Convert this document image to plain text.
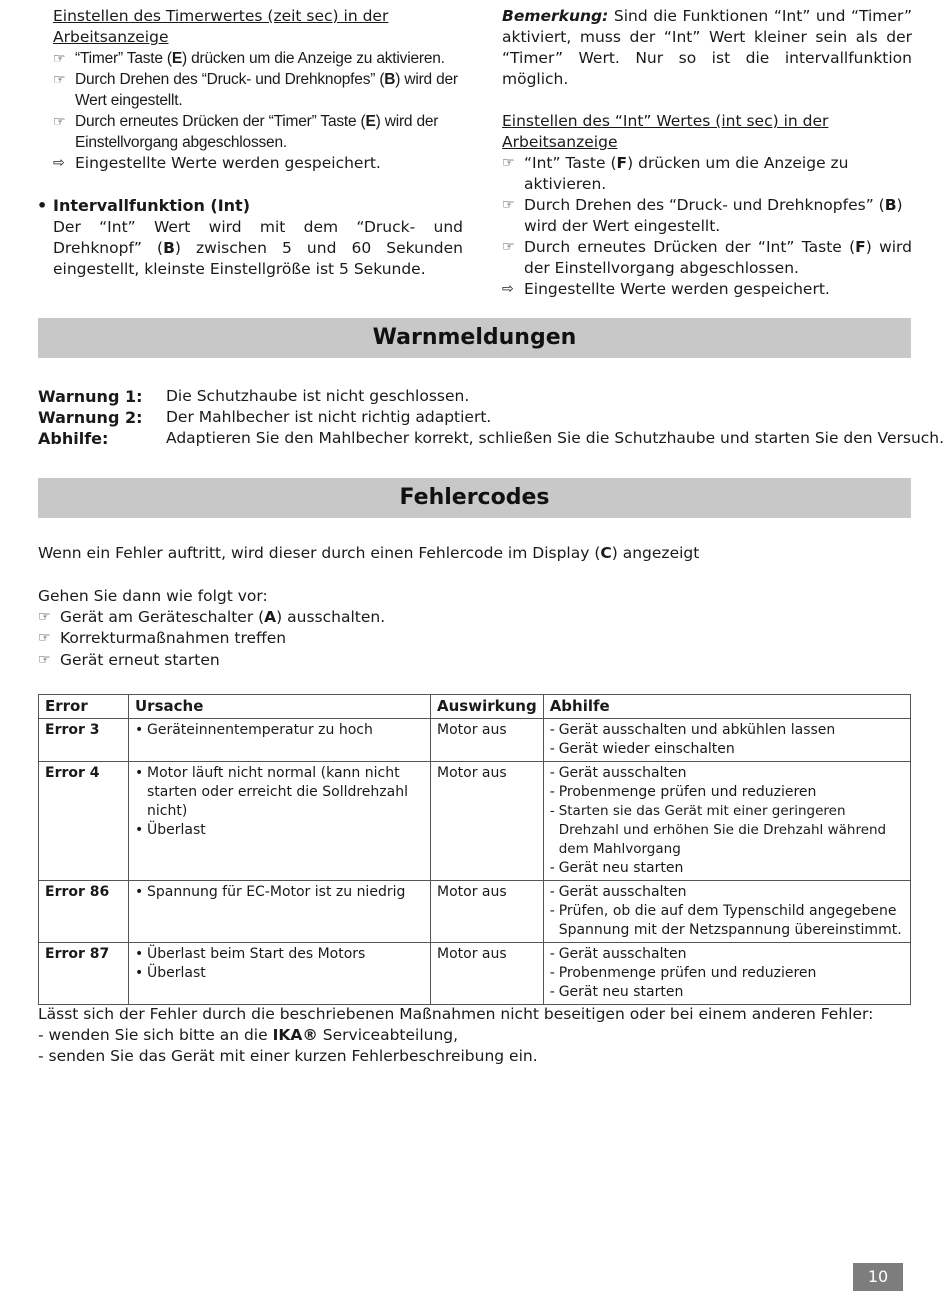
Einstellen des Timerwertes (zeit sec) in der Arbeitsanzeige
☞ “Timer” Taste (E) drücken um die Anzeige zu aktivieren.
☞ Durch Drehen des “Druck- und Drehknopfes” (B) wird der Wert eingestellt.
☞ Durch erneutes Drücken der “Timer” Taste (E) wird der Einstellvorgang abgeschlossen.
⇨ Eingestellte Werte werden gespeichert.
• Intervallfunktion (Int)
Der “Int” Wert wird mit dem “Druck- und Drehknopf” (B) zwischen 5 und 60 Sekunden eingestellt, kleinste Einstellgröße ist 5 Sekunde.
Bemerkung: Sind die Funktionen “Int” und “Timer” aktiviert, muss der “Int” Wert kleiner sein als der “Timer” Wert. Nur so ist die intervallfunktion möglich.
Einstellen des “Int” Wertes (int sec) in der Arbeitsanzeige
☞ “Int” Taste (F) drücken um die Anzeige zu aktivieren.
☞ Durch Drehen des “Druck- und Drehknopfes” (B) wird der Wert eingestellt.
☞ Durch erneutes Drücken der “Int” Taste (F) wird der Einstellvorgang abgeschlossen.
⇨ Eingestellte Werte werden gespeichert.
Warnmeldungen
Warnung 1:	Die Schutzhaube ist nicht geschlossen.
Warnung 2:	Der Mahlbecher ist nicht richtig adaptiert.
Abhilfe:	Adaptieren Sie den Mahlbecher korrekt, schließen Sie die Schutzhaube und starten Sie den Versuch.
Fehlercodes
Wenn ein Fehler auftritt, wird dieser durch einen Fehlercode im Display (C) angezeigt
Gehen Sie dann wie folgt vor:
☞ Gerät am Geräteschalter (A) ausschalten.
☞ Korrekturmaßnahmen treffen
☞ Gerät erneut starten
Error	Ursache	Auswirkung	Abhilfe
Error 3	• Geräteinnentemperatur zu hoch	Motor aus	- Gerät ausschalten und abkühlen lassen
- Gerät wieder einschalten

Error 4	• Motor läuft nicht normal (kann nicht starten oder erreicht die Solldrehzahl nicht)
• Überlast	Motor aus	- Gerät ausschalten
- Probenmenge prüfen und reduzieren
- Starten sie das Gerät mit einer geringeren Drehzahl und erhöhen Sie die Drehzahl während dem Mahlvorgang
- Gerät neu starten

Error 86	• Spannung für EC-Motor ist zu niedrig	Motor aus	- Gerät ausschalten
- Prüfen, ob die auf dem Typenschild angegebene Spannung mit der Netzspannung übereinstimmt.

Error 87	• Überlast beim Start des Motors
• Überlast	Motor aus	- Gerät ausschalten
- Probenmenge prüfen und reduzieren
- Gerät neu starten
Lässt sich der Fehler durch die beschriebenen Maßnahmen nicht beseitigen oder bei einem anderen Fehler:
- wenden Sie sich bitte an die IKA® Serviceabteilung,
- senden Sie das Gerät mit einer kurzen Fehlerbeschreibung ein.
10
